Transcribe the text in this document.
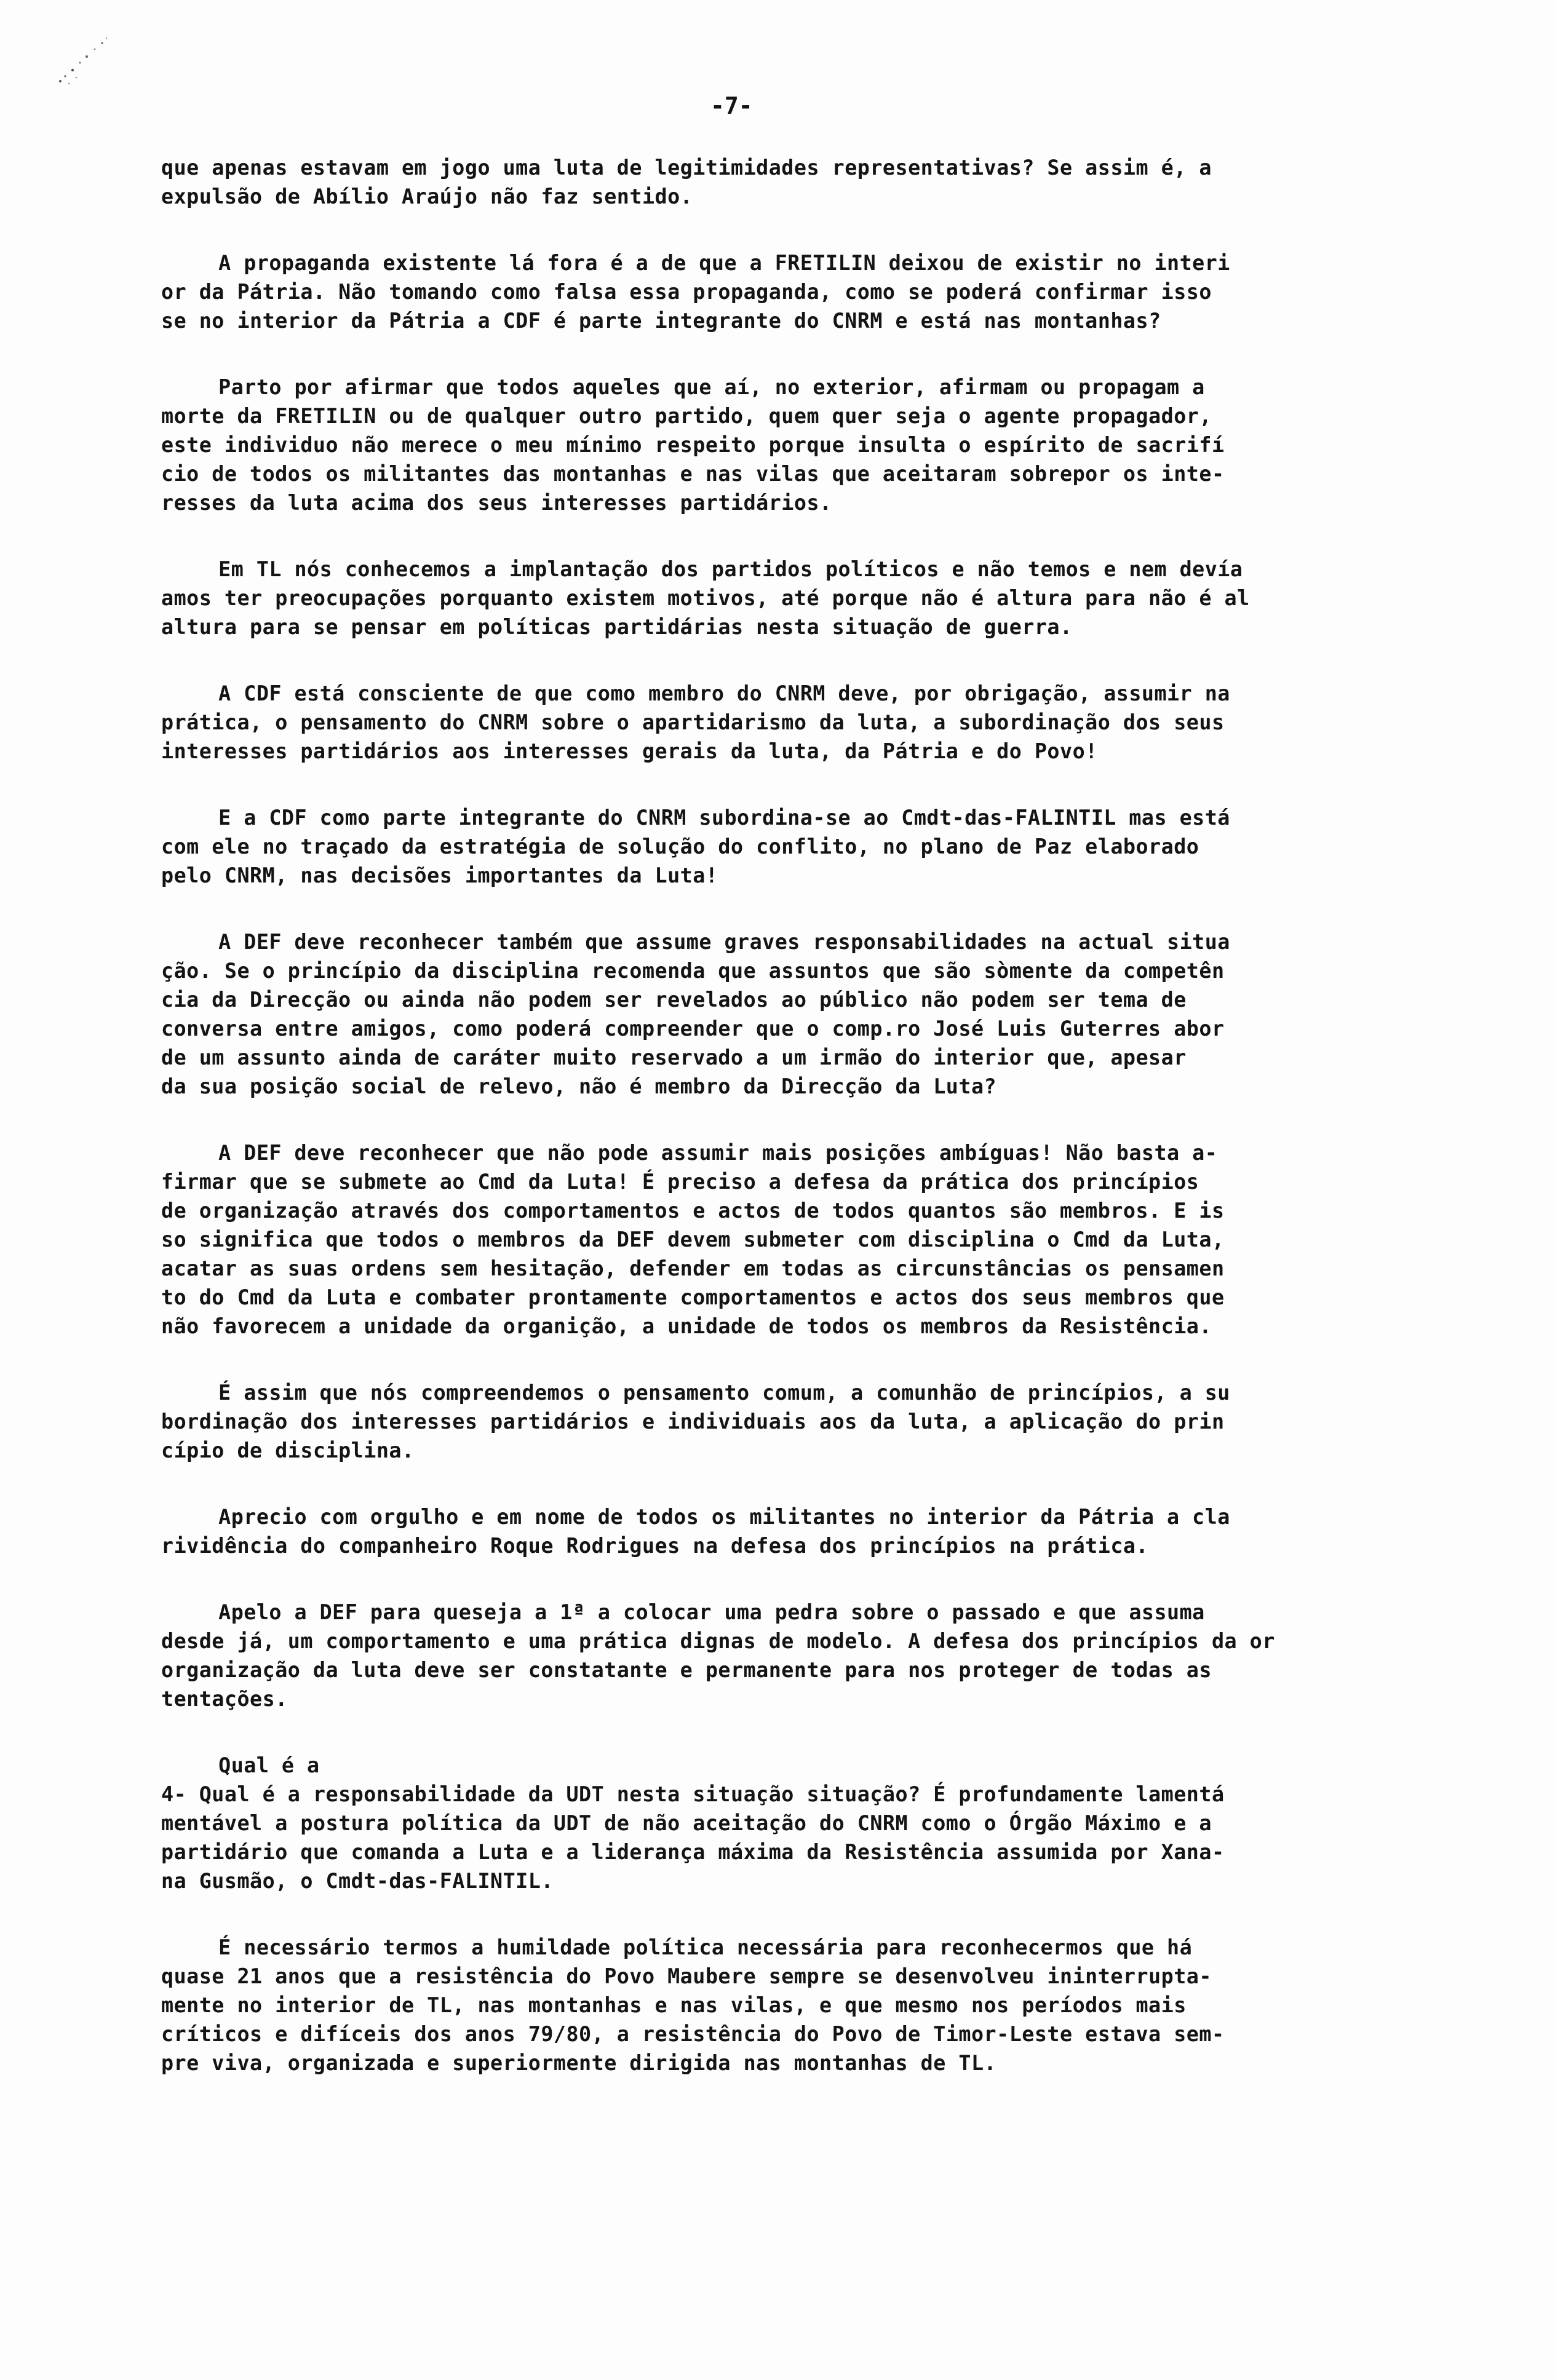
-7-
que apenas estavam em jogo uma luta de legitimidades representativas? Se assim é, a
expulsão de Abílio Araújo não faz sentido.
A propaganda existente lá fora é a de que a FRETILIN deixou de existir no interi
or da Pátria. Não tomando como falsa essa propaganda, como se poderá confirmar isso
se no interior da Pátria a CDF é parte integrante do CNRM e está nas montanhas?
Parto por afirmar que todos aqueles que aí, no exterior, afirmam ou propagam a
morte da FRETILIN ou de qualquer outro partido, quem quer seja o agente propagador,
este individuo não merece o meu mínimo respeito porque insulta o espírito de sacrifí
cio de todos os militantes das montanhas e nas vilas que aceitaram sobrepor os inte-
resses da luta acima dos seus interesses partidários.
Em TL nós conhecemos a implantação dos partidos políticos e não temos e nem devía
amos ter preocupações porquanto existem motivos, até porque não é altura para não é al
altura para se pensar em políticas partidárias nesta situação de guerra.
A CDF está consciente de que como membro do CNRM deve, por obrigação, assumir na
prática, o pensamento do CNRM sobre o apartidarismo da luta, a subordinação dos seus
interesses partidários aos interesses gerais da luta, da Pátria e do Povo!
E a CDF como parte integrante do CNRM subordina-se ao Cmdt-das-FALINTIL mas está
com ele no traçado da estratégia de solução do conflito, no plano de Paz elaborado
pelo CNRM, nas decisões importantes da Luta!
A DEF deve reconhecer também que assume graves responsabilidades na actual situa
ção. Se o princípio da disciplina recomenda que assuntos que são sòmente da competên
cia da Direcção ou ainda não podem ser revelados ao público não podem ser tema de
conversa entre amigos, como poderá compreender que o comp.ro José Luis Guterres abor
de um assunto ainda de caráter muito reservado a um irmão do interior que, apesar
da sua posição social de relevo, não é membro da Direcção da Luta?
A DEF deve reconhecer que não pode assumir mais posições ambíguas! Não basta a-
firmar que se submete ao Cmd da Luta! É preciso a defesa da prática dos princípios
de organização através dos comportamentos e actos de todos quantos são membros. E is
so significa que todos o membros da DEF devem submeter com disciplina o Cmd da Luta,
acatar as suas ordens sem hesitação, defender em todas as circunstâncias os pensamen
to do Cmd da Luta e combater prontamente comportamentos e actos dos seus membros que
não favorecem a unidade da organição, a unidade de todos os membros da Resistência.
É assim que nós compreendemos o pensamento comum, a comunhão de princípios, a su
bordinação dos interesses partidários e individuais aos da luta, a aplicação do prin
cípio de disciplina.
Aprecio com orgulho e em nome de todos os militantes no interior da Pátria a cla
rividência do companheiro Roque Rodrigues na defesa dos princípios na prática.
Apelo a DEF para queseja a 1ª a colocar uma pedra sobre o passado e que assuma
desde já, um comportamento e uma prática dignas de modelo. A defesa dos princípios da or
organização da luta deve ser constatante e permanente para nos proteger de todas as
tentações.
Qual é a
4- Qual é a responsabilidade da UDT nesta situação situação? É profundamente lamentá
mentável a postura política da UDT de não aceitação do CNRM como o Órgão Máximo e a
partidário que comanda a Luta e a liderança máxima da Resistência assumida por Xana-
na Gusmão, o Cmdt-das-FALINTIL.
É necessário termos a humildade política necessária para reconhecermos que há
quase 21 anos que a resistência do Povo Maubere sempre se desenvolveu ininterrupta-
mente no interior de TL, nas montanhas e nas vilas, e que mesmo nos períodos mais
críticos e difíceis dos anos 79/80, a resistência do Povo de Timor-Leste estava sem-
pre viva, organizada e superiormente dirigida nas montanhas de TL.
